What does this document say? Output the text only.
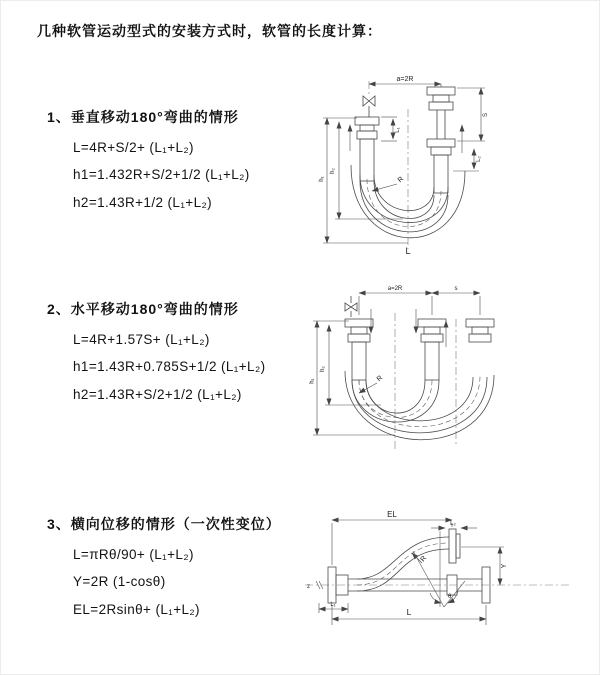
几种软管运动型式的安装方式时，软管的长度计算：
1、垂直移动180°弯曲的情形
L=4R+S/2+ (L₁+L₂)
h1=1.432R+S/2+1/2 (L₁+L₂)
h2=1.43R+1/2 (L₁+L₂)
2、水平移动180°弯曲的情形
L=4R+1.57S+ (L₁+L₂)
h1=1.43R+0.785S+1/2 (L₁+L₂)
h2=1.43R+S/2+1/2 (L₁+L₂)
3、横向位移的情形（一次性变位）
L=πRθ/90+ (L₁+L₂)
Y=2R (1-cosθ)
EL=2Rsinθ+ (L₁+L₂)
a=2R
L₁
S
L₂
h₁
h₂
R
L
a=2R	s
h₁
h₂
R
z
EL
L₂
Y
L₁
L
R
θ
